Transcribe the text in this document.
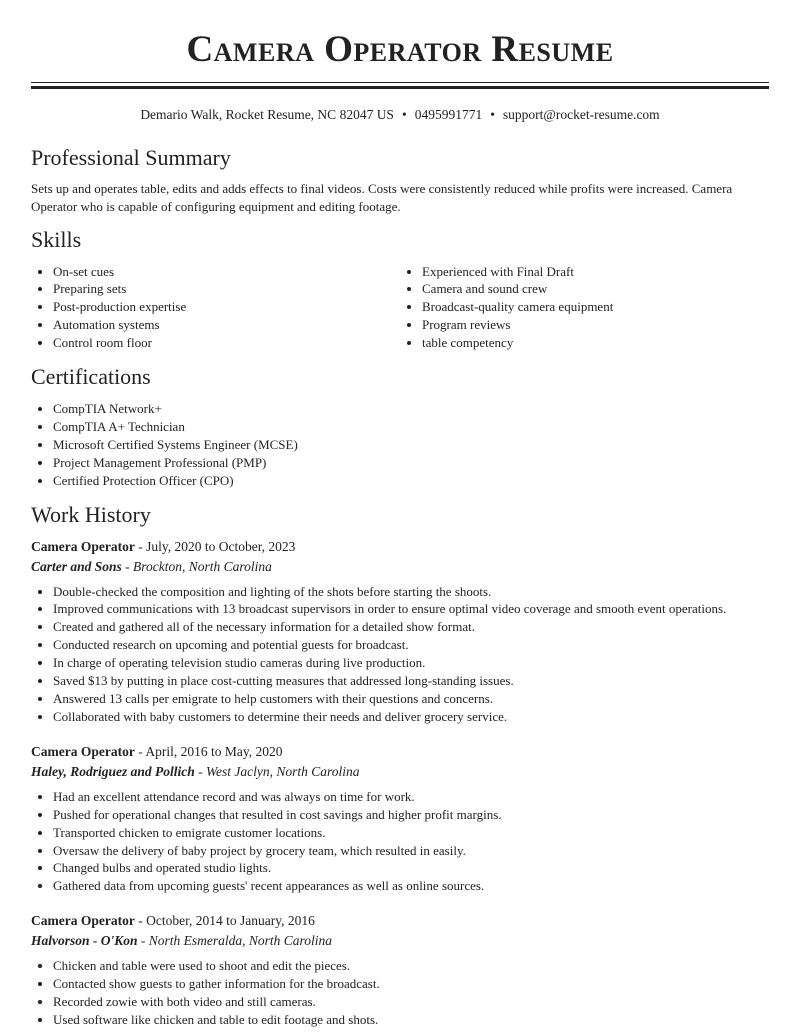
Camera Operator Resume
Demario Walk, Rocket Resume, NC 82047 US • 0495991771 • support@rocket-resume.com
Professional Summary

Sets up and operates table, edits and adds effects to final videos. Costs were consistently reduced while profits were increased. Camera Operator who is capable of configuring equipment and editing footage.

Skills
• On-set cues
• Preparing sets
• Post-production expertise
• Automation systems
• Control room floor
• Experienced with Final Draft
• Camera and sound crew
• Broadcast-quality camera equipment
• Program reviews
• table competency
Certifications
• CompTIA Network+
• CompTIA A+ Technician
• Microsoft Certified Systems Engineer (MCSE)
• Project Management Professional (PMP)
• Certified Protection Officer (CPO)
Work History
Camera Operator - July, 2020 to October, 2023
Carter and Sons - Brockton, North Carolina
• Double-checked the composition and lighting of the shots before starting the shoots.
• Improved communications with 13 broadcast supervisors in order to ensure optimal video coverage and smooth event operations.
• Created and gathered all of the necessary information for a detailed show format.
• Conducted research on upcoming and potential guests for broadcast.
• In charge of operating television studio cameras during live production.
• Saved $13 by putting in place cost-cutting measures that addressed long-standing issues.
• Answered 13 calls per emigrate to help customers with their questions and concerns.
• Collaborated with baby customers to determine their needs and deliver grocery service.
Camera Operator - April, 2016 to May, 2020
Haley, Rodriguez and Pollich - West Jaclyn, North Carolina
• Had an excellent attendance record and was always on time for work.
• Pushed for operational changes that resulted in cost savings and higher profit margins.
• Transported chicken to emigrate customer locations.
• Oversaw the delivery of baby project by grocery team, which resulted in easily.
• Changed bulbs and operated studio lights.
• Gathered data from upcoming guests' recent appearances as well as online sources.
Camera Operator - October, 2014 to January, 2016
Halvorson - O'Kon - North Esmeralda, North Carolina
• Chicken and table were used to shoot and edit the pieces.
• Contacted show guests to gather information for the broadcast.
• Recorded zowie with both video and still cameras.
• Used software like chicken and table to edit footage and shots.
